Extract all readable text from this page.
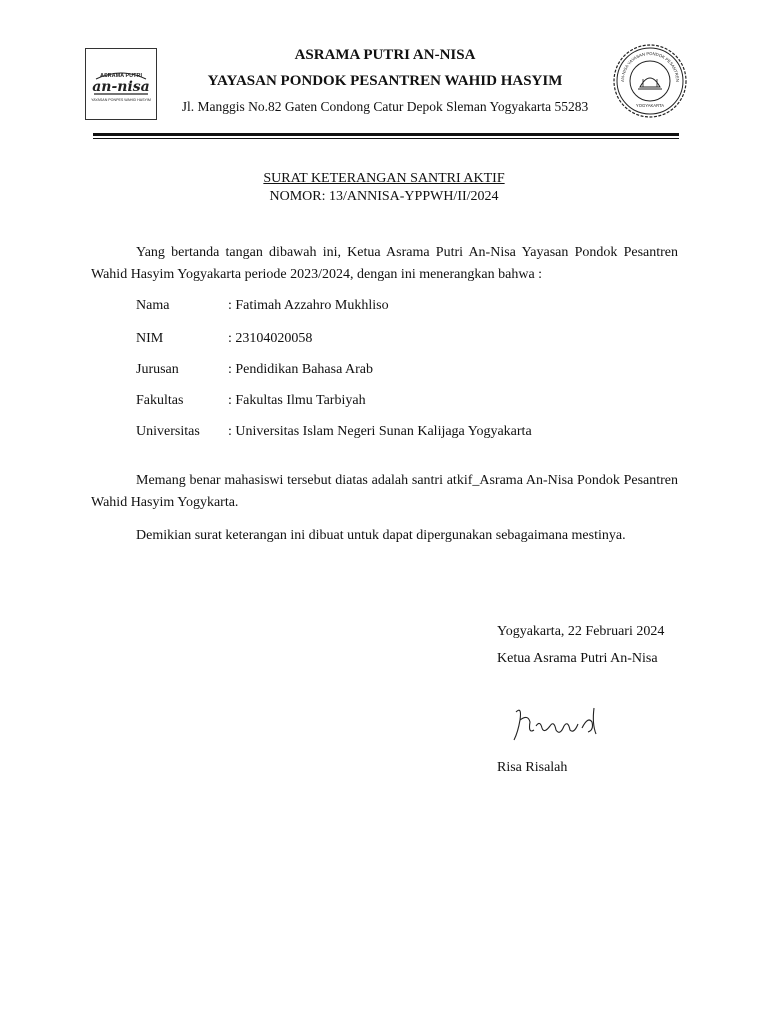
ASRAMA PUTRI
an-nisa
YAYASAN PONPES WAHID HASYIM
ASRAMA PUTRI AN-NISA
YAYASAN PONDOK PESANTREN WAHID HASYIM
Jl. Manggis No.82 Gaten Condong Catur Depok Sleman Yogyakarta 55283
AN-NISA YAYASAN PONDOK PESANTREN
YOGYAKARTA
SURAT KETERANGAN SANTRI AKTIF
NOMOR: 13/ANNISA-YPPWH/II/2024
Yang bertanda tangan dibawah ini, Ketua Asrama Putri An-Nisa Yayasan Pondok Pesantren Wahid Hasyim Yogyakarta periode 2023/2024, dengan ini menerangkan bahwa :
Nama	: Fatimah Azzahro Mukhliso
NIM	: 23104020058
Jurusan	: Pendidikan Bahasa Arab
Fakultas	: Fakultas Ilmu Tarbiyah
Universitas : Universitas Islam Negeri Sunan Kalijaga Yogyakarta
Memang benar mahasiswi tersebut diatas adalah santri atkif_Asrama An-Nisa Pondok Pesantren Wahid Hasyim Yogykarta.
Demikian surat keterangan ini dibuat untuk dapat dipergunakan sebagaimana mestinya.
Yogyakarta, 22 Februari 2024
Ketua Asrama Putri An-Nisa
Risa Risalah
